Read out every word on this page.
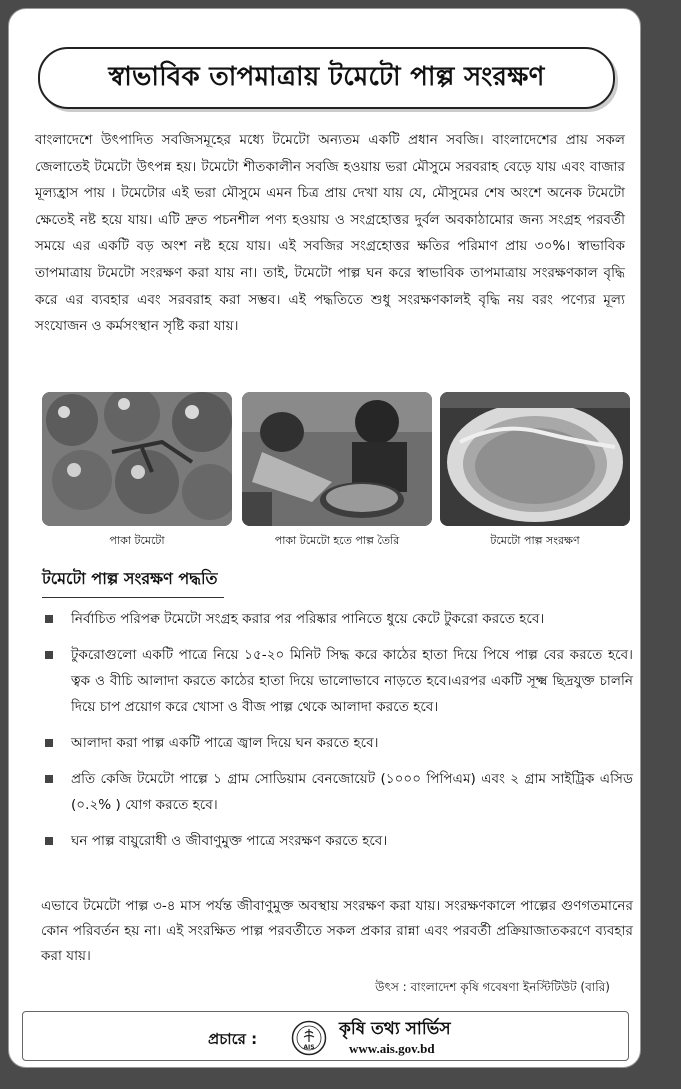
স্বাভাবিক তাপমাত্রায় টমেটো পাল্প সংরক্ষণ

বাংলাদেশে উৎপাদিত সবজিসমূহের মধ্যে টমেটো অন্যতম একটি প্রধান সবজি। বাংলাদেশের প্রায় সকল জেলাতেই টমেটো উৎপন্ন হয়। টমেটো শীতকালীন সবজি হওয়ায় ভরা মৌসুমে সরবরাহ বেড়ে যায় এবং বাজার মূল্যহ্রাস পায় । টমেটোর এই ভরা মৌসুমে এমন চিত্র প্রায় দেখা যায় যে, মৌসুমের শেষ অংশে অনেক টমেটো ক্ষেতেই নষ্ট হয়ে যায়। এটি দ্রুত পচনশীল পণ্য হওয়ায় ও সংগ্রহোত্তর দুর্বল অবকাঠামোর জন্য সংগ্রহ পরবর্তী সময়ে এর একটি বড় অংশ নষ্ট হয়ে যায়। এই সবজির সংগ্রহোত্তর ক্ষতির পরিমাণ প্রায় ৩০%। স্বাভাবিক তাপমাত্রায় টমেটো সংরক্ষণ করা যায় না। তাই, টমেটো পাল্প ঘন করে স্বাভাবিক তাপমাত্রায় সংরক্ষণকাল বৃদ্ধি করে এর ব্যবহার এবং সরবরাহ করা সম্ভব। এই পদ্ধতিতে শুধু সংরক্ষণকালই বৃদ্ধি নয় বরং পণ্যের মূল্য সংযোজন ও কর্মসংস্থান সৃষ্টি করা যায়।

পাকা টমেটো	পাকা টমেটো হতে পাল্প তৈরি	টমেটো পাল্প সংরক্ষণ

টমেটো পাল্প সংরক্ষণ পদ্ধতি
নির্বাচিত পরিপক্ব টমেটো সংগ্রহ করার পর পরিষ্কার পানিতে ধুয়ে কেটে টুকরো করতে হবে।
টুকরোগুলো একটি পাত্রে নিয়ে ১৫-২০ মিনিট সিদ্ধ করে কাঠের হাতা দিয়ে পিষে পাল্প বের করতে হবে। ত্বক ও বীচি আলাদা করতে কাঠের হাতা দিয়ে ভালোভাবে নাড়তে হবে।এরপর একটি সূক্ষ্ম ছিদ্রযুক্ত চালনি দিয়ে চাপ প্রয়োগ করে খোসা ও বীজ পাল্প থেকে আলাদা করতে হবে।
আলাদা করা পাল্প একটি পাত্রে জ্বাল দিয়ে ঘন করতে হবে।
প্রতি কেজি টমেটো পাল্পে ১ গ্রাম সোডিয়াম বেনজোয়েট (১০০০ পিপিএম) এবং ২ গ্রাম সাইট্রিক এসিড (০.২% ) যোগ করতে হবে।
ঘন পাল্প বায়ুরোধী ও জীবাণুমুক্ত পাত্রে সংরক্ষণ করতে হবে।

এভাবে টমেটো পাল্প ৩-৪ মাস পর্যন্ত জীবাণুমুক্ত অবস্থায় সংরক্ষণ করা যায়। সংরক্ষণকালে পাল্পের গুণগতমানের কোন পরিবর্তন হয় না। এই সংরক্ষিত পাল্প পরবর্তীতে সকল প্রকার রান্না এবং পরবর্তী প্রক্রিয়াজাতকরণে ব্যবহার করা যায়।

উৎস : বাংলাদেশ কৃষি গবেষণা ইনস্টিটিউট (বারি)

প্রচারে :	AIS
কৃষি তথ্য সার্ভিস
www.ais.gov.bd
